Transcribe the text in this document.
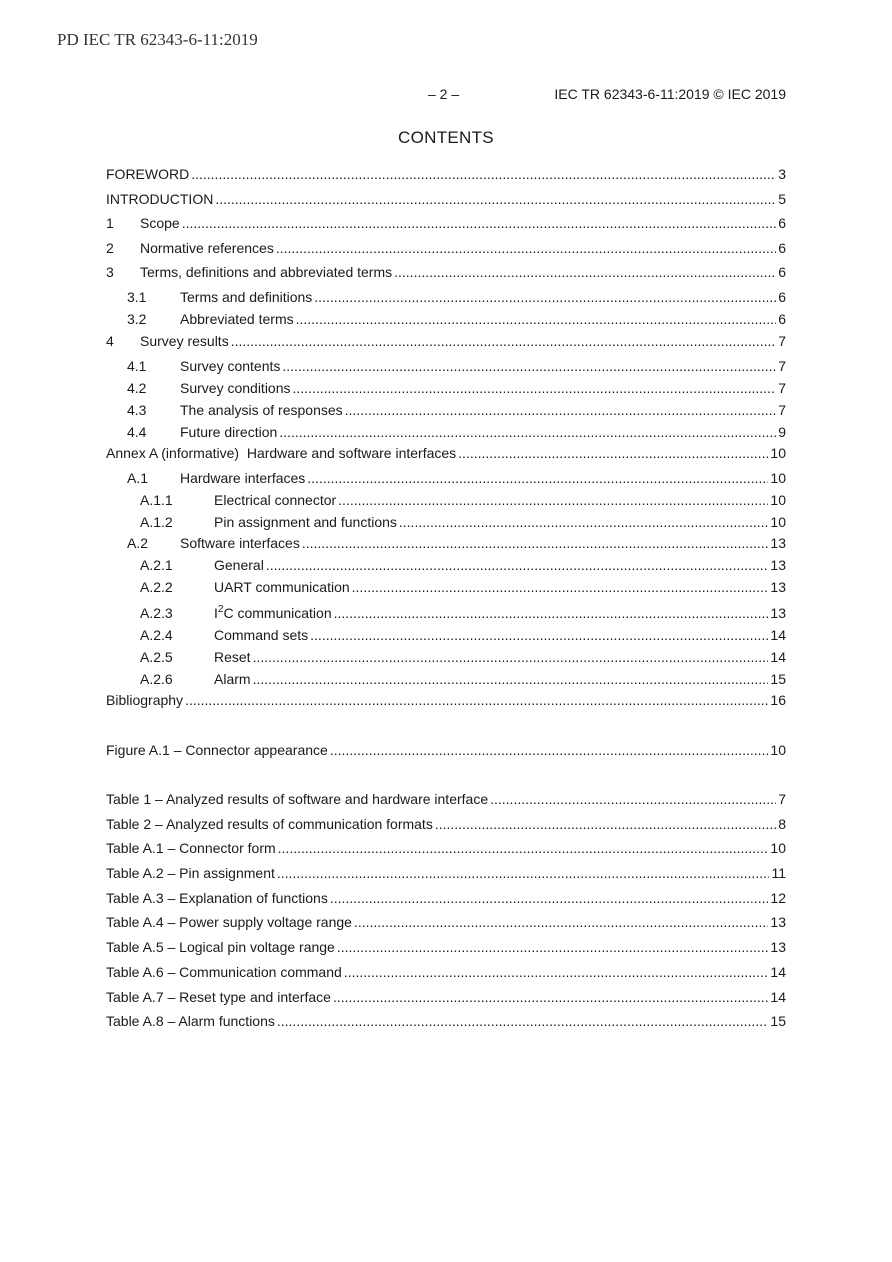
PD IEC TR 62343-6-11:2019
– 2 –	IEC TR 62343-6-11:2019 © IEC 2019
CONTENTS
FOREWORD .....	3
INTRODUCTION .....	5
1	Scope .....	6
2	Normative references .....	6
3	Terms, definitions and abbreviated terms .....	6
3.1	Terms and definitions .....	6
3.2	Abbreviated terms .....	6
4	Survey results .....	7
4.1	Survey contents .....	7
4.2	Survey conditions .....	7
4.3	The analysis of responses .....	7
4.4	Future direction .....	9
Annex A (informative)  Hardware and software interfaces .....	10
A.1	Hardware interfaces .....	10
A.1.1	Electrical connector .....	10
A.1.2	Pin assignment and functions .....	10
A.2	Software interfaces .....	13
A.2.1	General .....	13
A.2.2	UART communication .....	13
A.2.3	$I^2C$ communication .....	13
A.2.4	Command sets .....	14
A.2.5	Reset .....	14
A.2.6	Alarm .....	15
Bibliography .....	16
Figure A.1 – Connector appearance .....	10
Table 1 – Analyzed results of software and hardware interface .....	7
Table 2 – Analyzed results of communication formats .....	8
Table A.1 – Connector form .....	10
Table A.2 – Pin assignment .....	11
Table A.3 – Explanation of functions .....	12
Table A.4 – Power supply voltage range .....	13
Table A.5 – Logical pin voltage range .....	13
Table A.6 – Communication command .....	14
Table A.7 – Reset type and interface .....	14
Table A.8 – Alarm functions .....	15
